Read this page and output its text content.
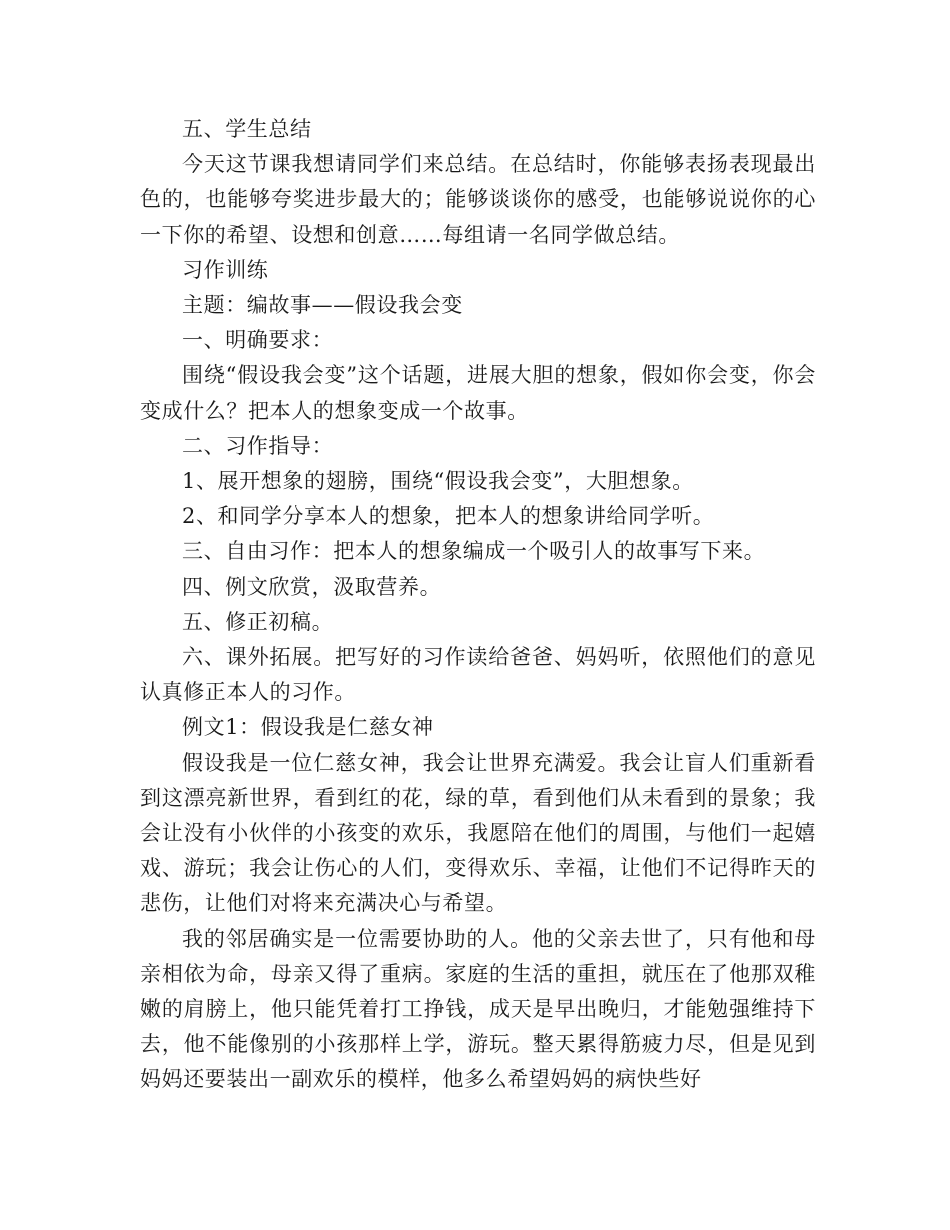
五、学生总结

今天这节课我想请同学们来总结。在总结时，你能够表扬表现最出色的，也能够夸奖进步最大的；能够谈谈你的感受，也能够说说你的心一下你的希望、设想和创意……每组请一名同学做总结。

习作训练

主题：编故事——假设我会变

一、明确要求：

围绕“假设我会变”这个话题，进展大胆的想象，假如你会变，你会变成什么？把本人的想象变成一个故事。

二、习作指导：

1、展开想象的翅膀，围绕“假设我会变”，大胆想象。

2、和同学分享本人的想象，把本人的想象讲给同学听。

三、自由习作：把本人的想象编成一个吸引人的故事写下来。

四、例文欣赏，汲取营养。

五、修正初稿。

六、课外拓展。把写好的习作读给爸爸、妈妈听，依照他们的意见认真修正本人的习作。

例文1：假设我是仁慈女神

假设我是一位仁慈女神，我会让世界充满爱。我会让盲人们重新看到这漂亮新世界，看到红的花，绿的草，看到他们从未看到的景象；我会让没有小伙伴的小孩变的欢乐，我愿陪在他们的周围，与他们一起嬉戏、游玩；我会让伤心的人们，变得欢乐、幸福，让他们不记得昨天的悲伤，让他们对将来充满决心与希望。

我的邻居确实是一位需要协助的人。他的父亲去世了，只有他和母亲相依为命，母亲又得了重病。家庭的生活的重担，就压在了他那双稚嫩的肩膀上，他只能凭着打工挣钱，成天是早出晚归，才能勉强维持下去，他不能像别的小孩那样上学，游玩。整天累得筋疲力尽，但是见到妈妈还要装出一副欢乐的模样，他多么希望妈妈的病快些好
